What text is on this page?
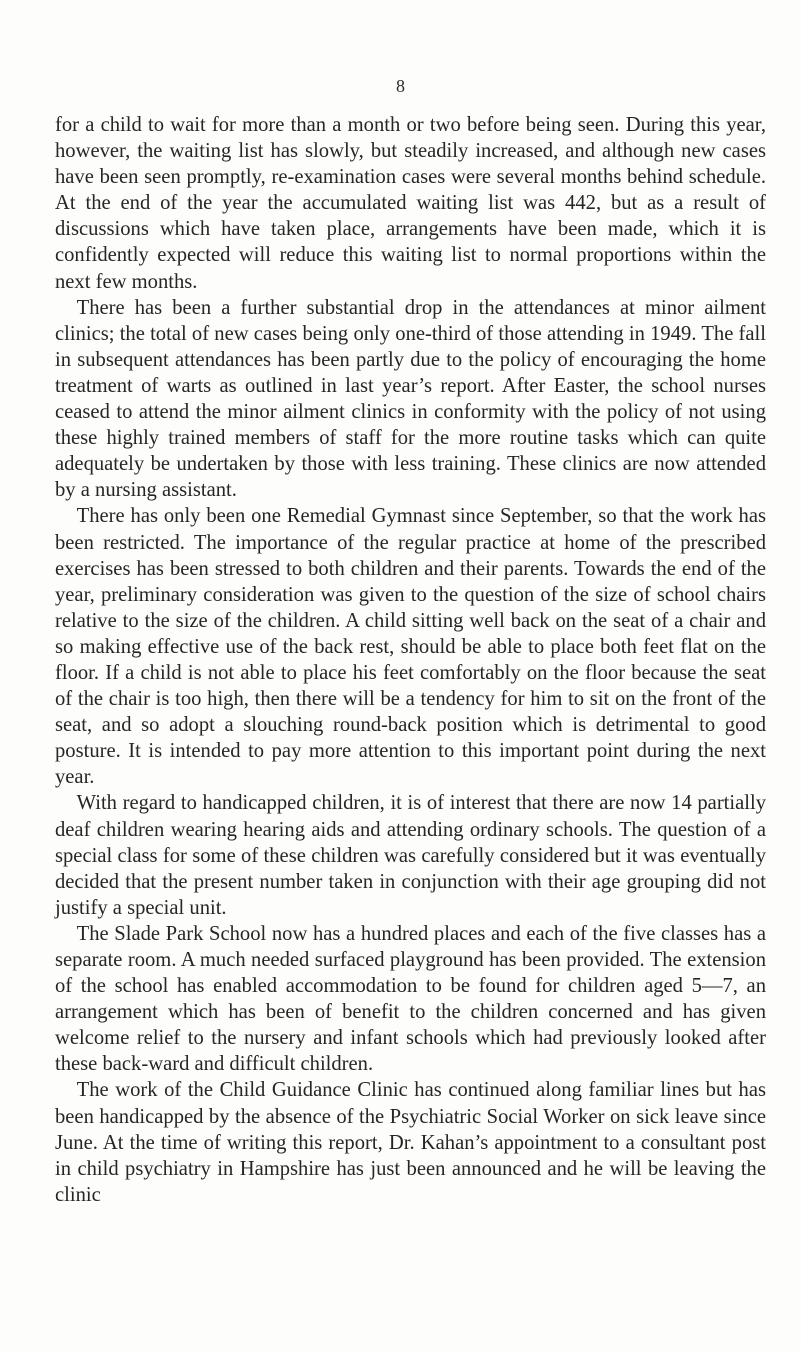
8

for a child to wait for more than a month or two before being seen. During this year, however, the waiting list has slowly, but steadily increased, and although new cases have been seen promptly, re-examination cases were several months behind schedule. At the end of the year the accumulated waiting list was 442, but as a result of discussions which have taken place, arrangements have been made, which it is confidently expected will reduce this waiting list to normal proportions within the next few months.

There has been a further substantial drop in the attendances at minor ailment clinics; the total of new cases being only one-third of those attending in 1949. The fall in subsequent attendances has been partly due to the policy of encouraging the home treatment of warts as outlined in last year’s report. After Easter, the school nurses ceased to attend the minor ailment clinics in conformity with the policy of not using these highly trained members of staff for the more routine tasks which can quite adequately be undertaken by those with less training. These clinics are now attended by a nursing assistant.

There has only been one Remedial Gymnast since September, so that the work has been restricted. The importance of the regular practice at home of the prescribed exercises has been stressed to both children and their parents. Towards the end of the year, preliminary consideration was given to the question of the size of school chairs relative to the size of the children. A child sitting well back on the seat of a chair and so making effective use of the back rest, should be able to place both feet flat on the floor. If a child is not able to place his feet comfortably on the floor because the seat of the chair is too high, then there will be a tendency for him to sit on the front of the seat, and so adopt a slouching round-back position which is detrimental to good posture. It is intended to pay more attention to this important point during the next year.

With regard to handicapped children, it is of interest that there are now 14 partially deaf children wearing hearing aids and attending ordinary schools. The question of a special class for some of these children was carefully considered but it was eventually decided that the present number taken in conjunction with their age grouping did not justify a special unit.

The Slade Park School now has a hundred places and each of the five classes has a separate room. A much needed surfaced playground has been provided. The extension of the school has enabled accommodation to be found for children aged 5—7, an arrangement which has been of benefit to the children concerned and has given welcome relief to the nursery and infant schools which had previously looked after these back-ward and difficult children.

The work of the Child Guidance Clinic has continued along familiar lines but has been handicapped by the absence of the Psychiatric Social Worker on sick leave since June. At the time of writing this report, Dr. Kahan’s appointment to a consultant post in child psychiatry in Hampshire has just been announced and he will be leaving the clinic
